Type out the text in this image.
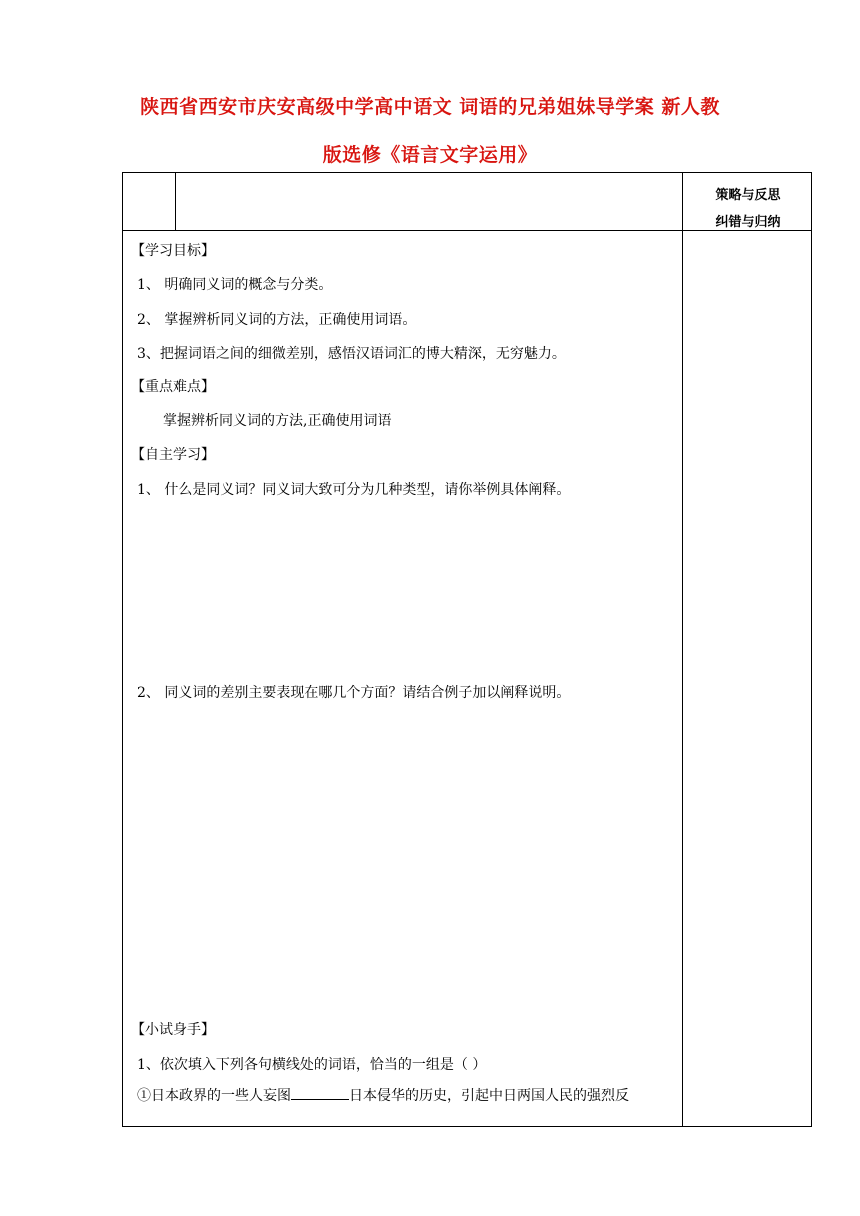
陕西省西安市庆安高级中学高中语文 词语的兄弟姐妹导学案 新人教
版选修《语言文字运用》
策略与反思
纠错与归纳
【学习目标】
1、 明确同义词的概念与分类。
2、 掌握辨析同义词的方法，正确使用词语。
3、把握词语之间的细微差别，感悟汉语词汇的博大精深，无穷魅力。
【重点难点】
掌握辨析同义词的方法,正确使用词语
【自主学习】
1、 什么是同义词？同义词大致可分为几种类型，请你举例具体阐释。
2、 同义词的差别主要表现在哪几个方面？请结合例子加以阐释说明。
【小试身手】
1、依次填入下列各句横线处的词语，恰当的一组是（ ）
①日本政界的一些人妄图	日本侵华的历史，引起中日两国人民的强烈反
